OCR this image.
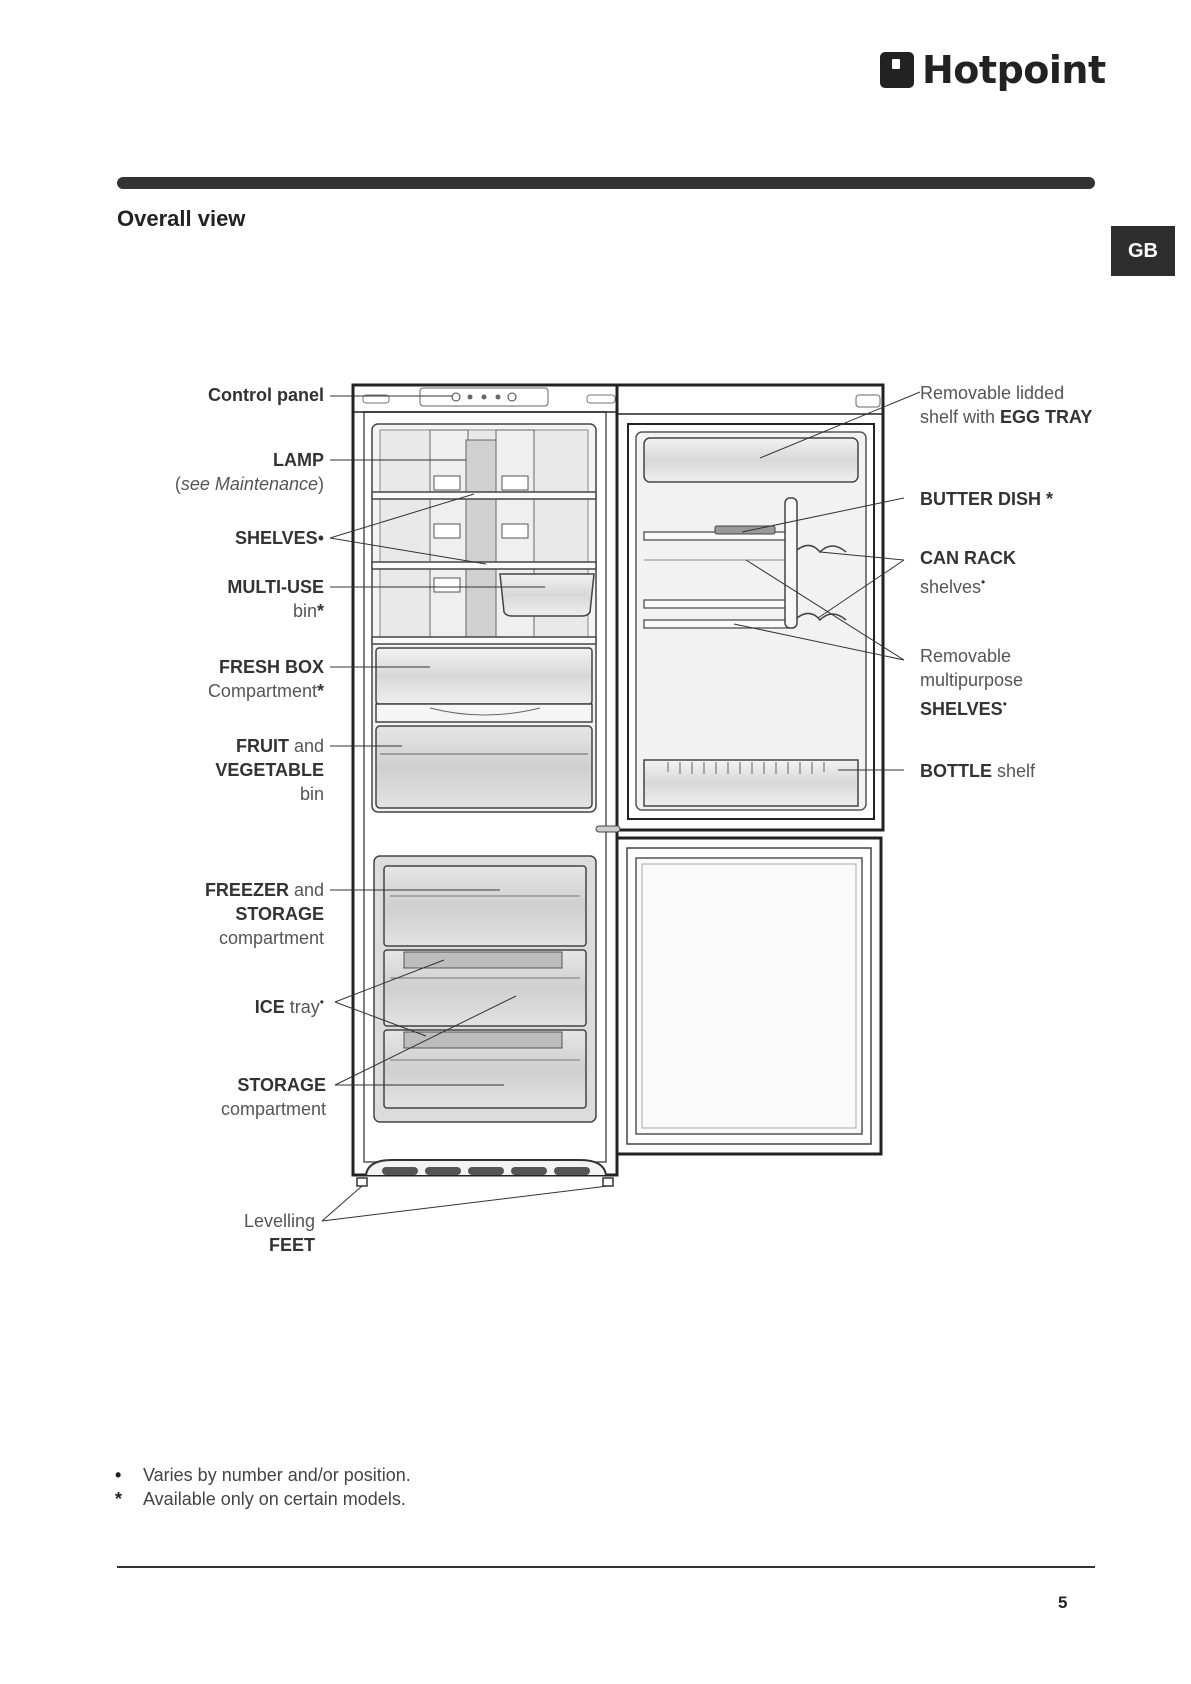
Hotpoint
Overall view
GB
Control panel
LAMP
(see Maintenance)
SHELVES•
MULTI-USE
bin*
FRESH BOX
Compartment*
FRUIT and
VEGETABLE
bin
FREEZER and
STORAGE
compartment
ICE tray•
STORAGE
compartment
Levelling
FEET
Removable lidded
shelf with EGG TRAY
BUTTER DISH *
CAN RACK
shelves•
Removable
multipurpose
SHELVES•
BOTTLE shelf
• Varies by number and/or position.
* Available only on certain models.
5
